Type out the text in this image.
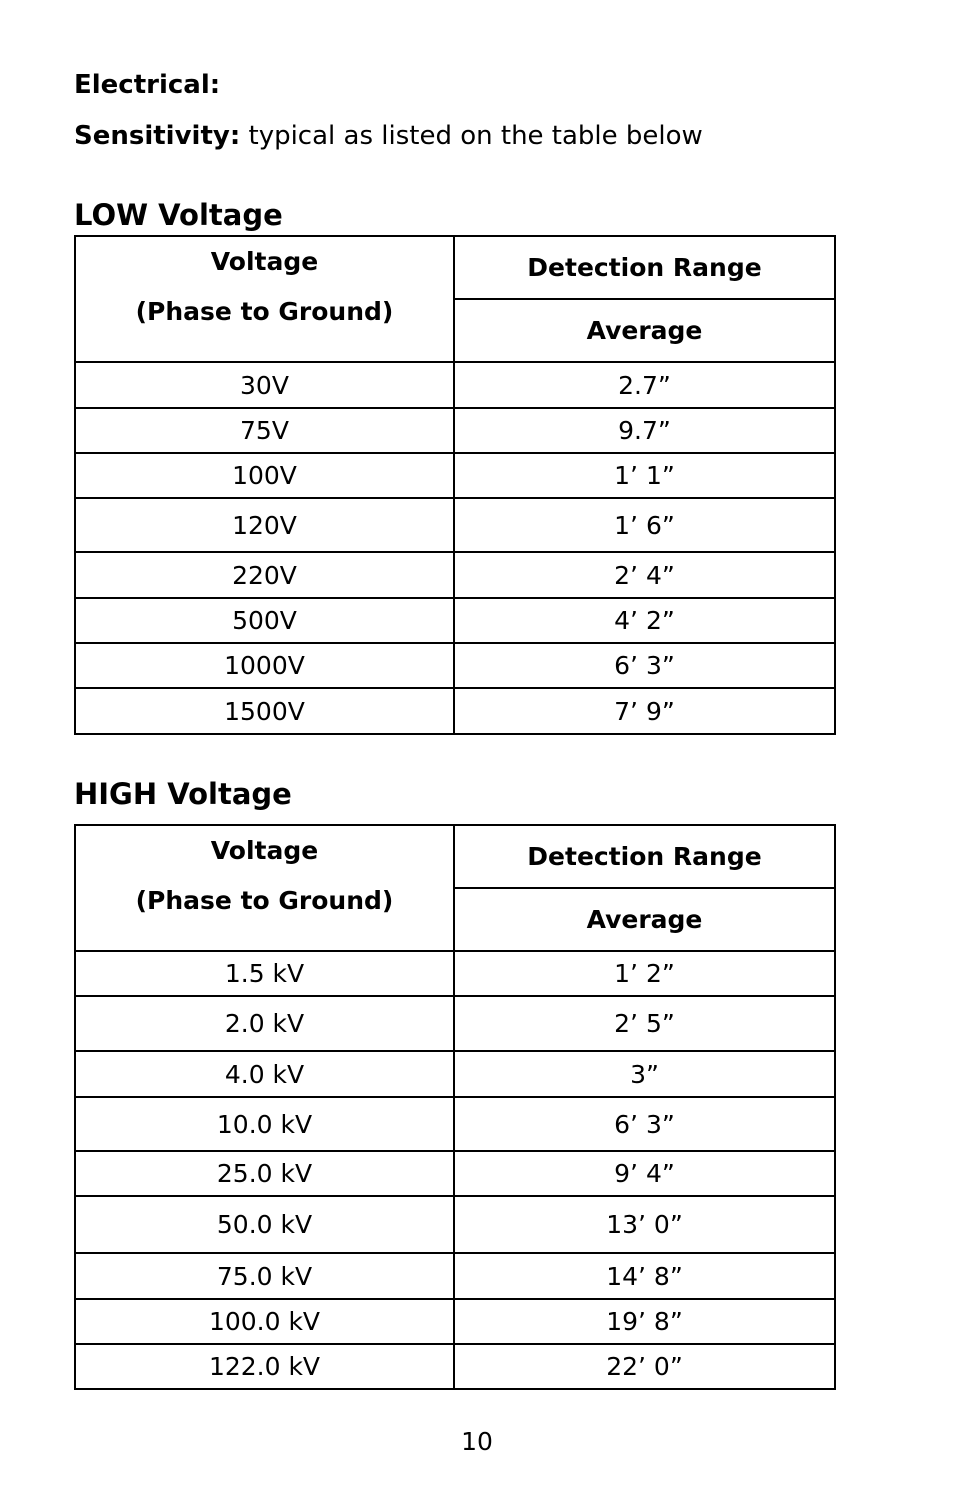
Electrical:
Sensitivity: typical as listed on the table below
LOW Voltage
Voltage
(Phase to Ground)	Detection Range
	Average
30V	2.7”
75V	9.7”
100V	1’ 1”
120V	1’ 6”
220V	2’ 4”
500V	4’ 2”
1000V	6’ 3”
1500V	7’ 9”
HIGH Voltage
Voltage
(Phase to Ground)	Detection Range
	Average
1.5 kV	1’ 2”
2.0 kV	2’ 5”
4.0 kV	3”
10.0 kV	6’ 3”
25.0 kV	9’ 4”
50.0 kV	13’ 0”
75.0 kV	14’ 8”
100.0 kV	19’ 8”
122.0 kV	22’ 0”
10
